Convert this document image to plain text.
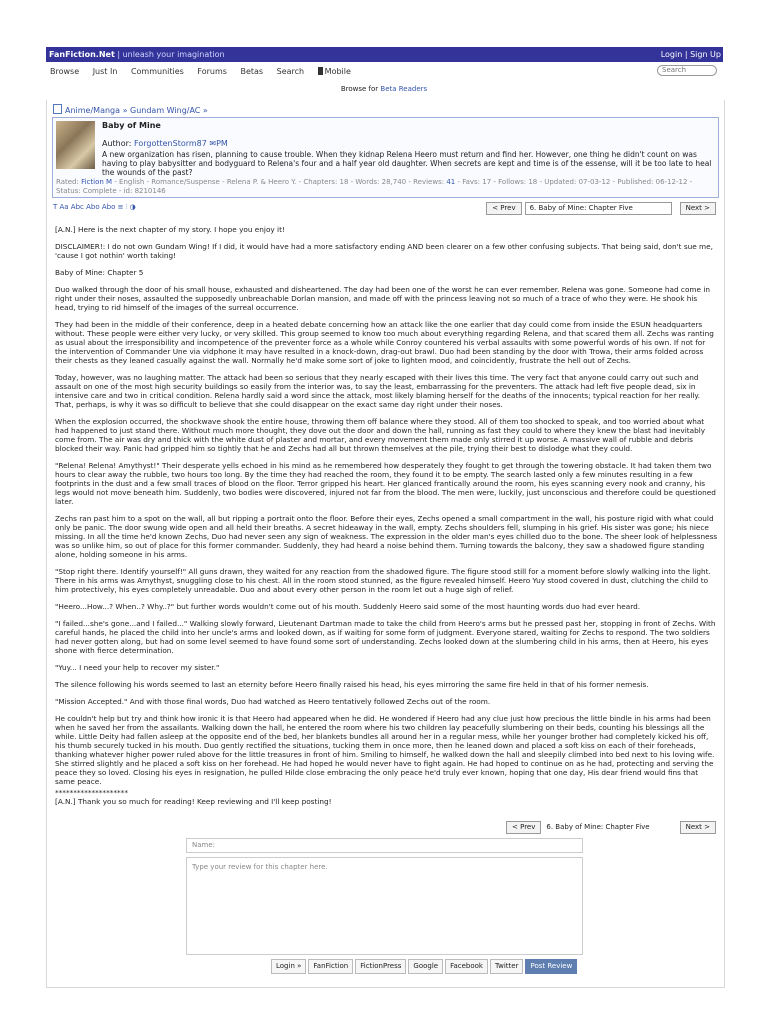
FanFiction.Net | unleash your imagination	Login | Sign Up
Browse Just In Communities Forums Betas Search	Mobile
Search
Browse for Beta Readers
Anime/Manga » Gundam Wing/AC »
Baby of Mine
Author: ForgottenStorm87 ✉PM
A new organization has risen, planning to cause trouble. When they kidnap Relena Heero must return and find her. However, one thing he didn't count on was having to play babysitter and bodyguard to Relena's four and a half year old daughter. When secrets are kept and time is of the essense, will it be too late to heal the wounds of the past?
Rated: Fiction M - English - Romance/Suspense - Relena P. & Heero Y. - Chapters: 18 - Words: 28,740 - Reviews: 41 - Favs: 17 - Follows: 18 - Updated: 07-03-12 - Published: 06-12-12 - Status: Complete - id: 8210146
T Aa Abc Abo Abo ≡ ⫶ ◑	< Prev 6. Baby of Mine: Chapter Five	Next >

[A.N.] Here is the next chapter of my story. I hope you enjoy it!

DISCLAIMER!: I do not own Gundam Wing! If I did, it would have had a more satisfactory ending AND been clearer on a few other confusing subjects. That being said, don't sue me, 'cause I got nothin' worth taking!

Baby of Mine: Chapter 5

Duo walked through the door of his small house, exhausted and disheartened. The day had been one of the worst he can ever remember. Relena was gone. Someone had come in right under their noses, assaulted the supposedly unbreachable Dorlan mansion, and made off with the princess leaving not so much of a trace of who they were. He shook his head, trying to rid himself of the images of the surreal occurrence.

They had been in the middle of their conference, deep in a heated debate concerning how an attack like the one earlier that day could come from inside the ESUN headquarters without. These people were either very lucky, or very skilled. This group seemed to know too much about everything regarding Relena, and that scared them all. Zechs was ranting as usual about the irresponsibility and incompetence of the preventer force as a whole while Conroy countered his verbal assaults with some powerful words of his own. If not for the intervention of Commander Une via vidphone it may have resulted in a knock-down, drag-out brawl. Duo had been standing by the door with Trowa, their arms folded across their chests as they leaned casually against the wall. Normally he'd make some sort of joke to lighten mood, and coincidently, frustrate the hell out of Zechs.

Today, however, was no laughing matter. The attack had been so serious that they nearly escaped with their lives this time. The very fact that anyone could carry out such and assault on one of the most high security buildings so easily from the interior was, to say the least, embarrassing for the preventers. The attack had left five people dead, six in intensive care and two in critical condition. Relena hardly said a word since the attack, most likely blaming herself for the deaths of the innocents; typical reaction for her really. That, perhaps, is why it was so difficult to believe that she could disappear on the exact same day right under their noses.

When the explosion occurred, the shockwave shook the entire house, throwing them off balance where they stood. All of them too shocked to speak, and too worried about what had happened to just stand there. Without much more thought, they dove out the door and down the hall, running as fast they could to where they knew the blast had inevitably come from. The air was dry and thick with the white dust of plaster and mortar, and every movement them made only stirred it up worse. A massive wall of rubble and debris blocked their way. Panic had gripped him so tightly that he and Zechs had all but thrown themselves at the pile, trying their best to dislodge what they could.

"Relena! Relena! Amythyst!" Their desperate yells echoed in his mind as he remembered how desperately they fought to get through the towering obstacle. It had taken them two hours to clear away the rubble, two hours too long. By the time they had reached the room, they found it to be empty. The search lasted only a few minutes resulting in a few footprints in the dust and a few small traces of blood on the floor. Terror gripped his heart. Her glanced frantically around the room, his eyes scanning every nook and cranny, his legs would not move beneath him. Suddenly, two bodies were discovered, injured not far from the blood. The men were, luckily, just unconscious and therefore could be questioned later.

Zechs ran past him to a spot on the wall, all but ripping a portrait onto the floor. Before their eyes, Zechs opened a small compartment in the wall, his posture rigid with what could only be panic. The door swung wide open and all held their breaths. A secret hideaway in the wall, empty. Zechs shoulders fell, slumping in his grief. His sister was gone; his niece missing. In all the time he'd known Zechs, Duo had never seen any sign of weakness. The expression in the older man's eyes chilled duo to the bone. The sheer look of helplessness was so unlike him, so out of place for this former commander. Suddenly, they had heard a noise behind them. Turning towards the balcony, they saw a shadowed figure standing alone, holding someone in his arms.

"Stop right there. Identify yourself!" All guns drawn, they waited for any reaction from the shadowed figure. The figure stood still for a moment before slowly walking into the light. There in his arms was Amythyst, snuggling close to his chest. All in the room stood stunned, as the figure revealed himself. Heero Yuy stood covered in dust, clutching the child to him protectively, his eyes completely unreadable. Duo and about every other person in the room let out a huge sigh of relief.

"Heero...How...? When..? Why..?" but further words wouldn't come out of his mouth. Suddenly Heero said some of the most haunting words duo had ever heard.

"I failed...she's gone...and I failed..." Walking slowly forward, Lieutenant Dartman made to take the child from Heero's arms but he pressed past her, stopping in front of Zechs. With careful hands, he placed the child into her uncle's arms and looked down, as if waiting for some form of judgment. Everyone stared, waiting for Zechs to respond. The two soldiers had never gotten along, but had on some level seemed to have found some sort of understanding. Zechs looked down at the slumbering child in his arms, then at Heero, his eyes shone with fierce determination.

"Yuy... I need your help to recover my sister."

The silence following his words seemed to last an eternity before Heero finally raised his head, his eyes mirroring the same fire held in that of his former nemesis.

"Mission Accepted." And with those final words, Duo had watched as Heero tentatively followed Zechs out of the room.

He couldn't help but try and think how ironic it is that Heero had appeared when he did. He wondered if Heero had any clue just how precious the little bindle in his arms had been when he saved her from the assailants. Walking down the hall, he entered the room where his two children lay peacefully slumbering on their beds, counting his blessings all the while. Little Deity had fallen asleep at the opposite end of the bed, her blankets bundles all around her in a regular mess, while her younger brother had completely kicked his off, his thumb securely tucked in his mouth. Duo gently rectified the situations, tucking them in once more, then he leaned down and placed a soft kiss on each of their foreheads, thanking whatever higher power ruled above for the little treasures in front of him. Smiling to himself, he walked down the hall and sleepily climbed into bed next to his loving wife. She stirred slightly and he placed a soft kiss on her forehead. He had hoped he would never have to fight again. He had hoped to continue on as he had, protecting and serving the peace they so loved. Closing his eyes in resignation, he pulled Hilde close embracing the only peace he'd truly ever known, hoping that one day, His dear friend would fins that same peace.

********************
[A.N.] Thank you so much for reading! Keep reviewing and I'll keep posting!
< Prev 6. Baby of Mine: Chapter Five	Next >
Name:
Type your review for this chapter here.
Login » FanFiction FictionPress Google Facebook Twitter Post Review
